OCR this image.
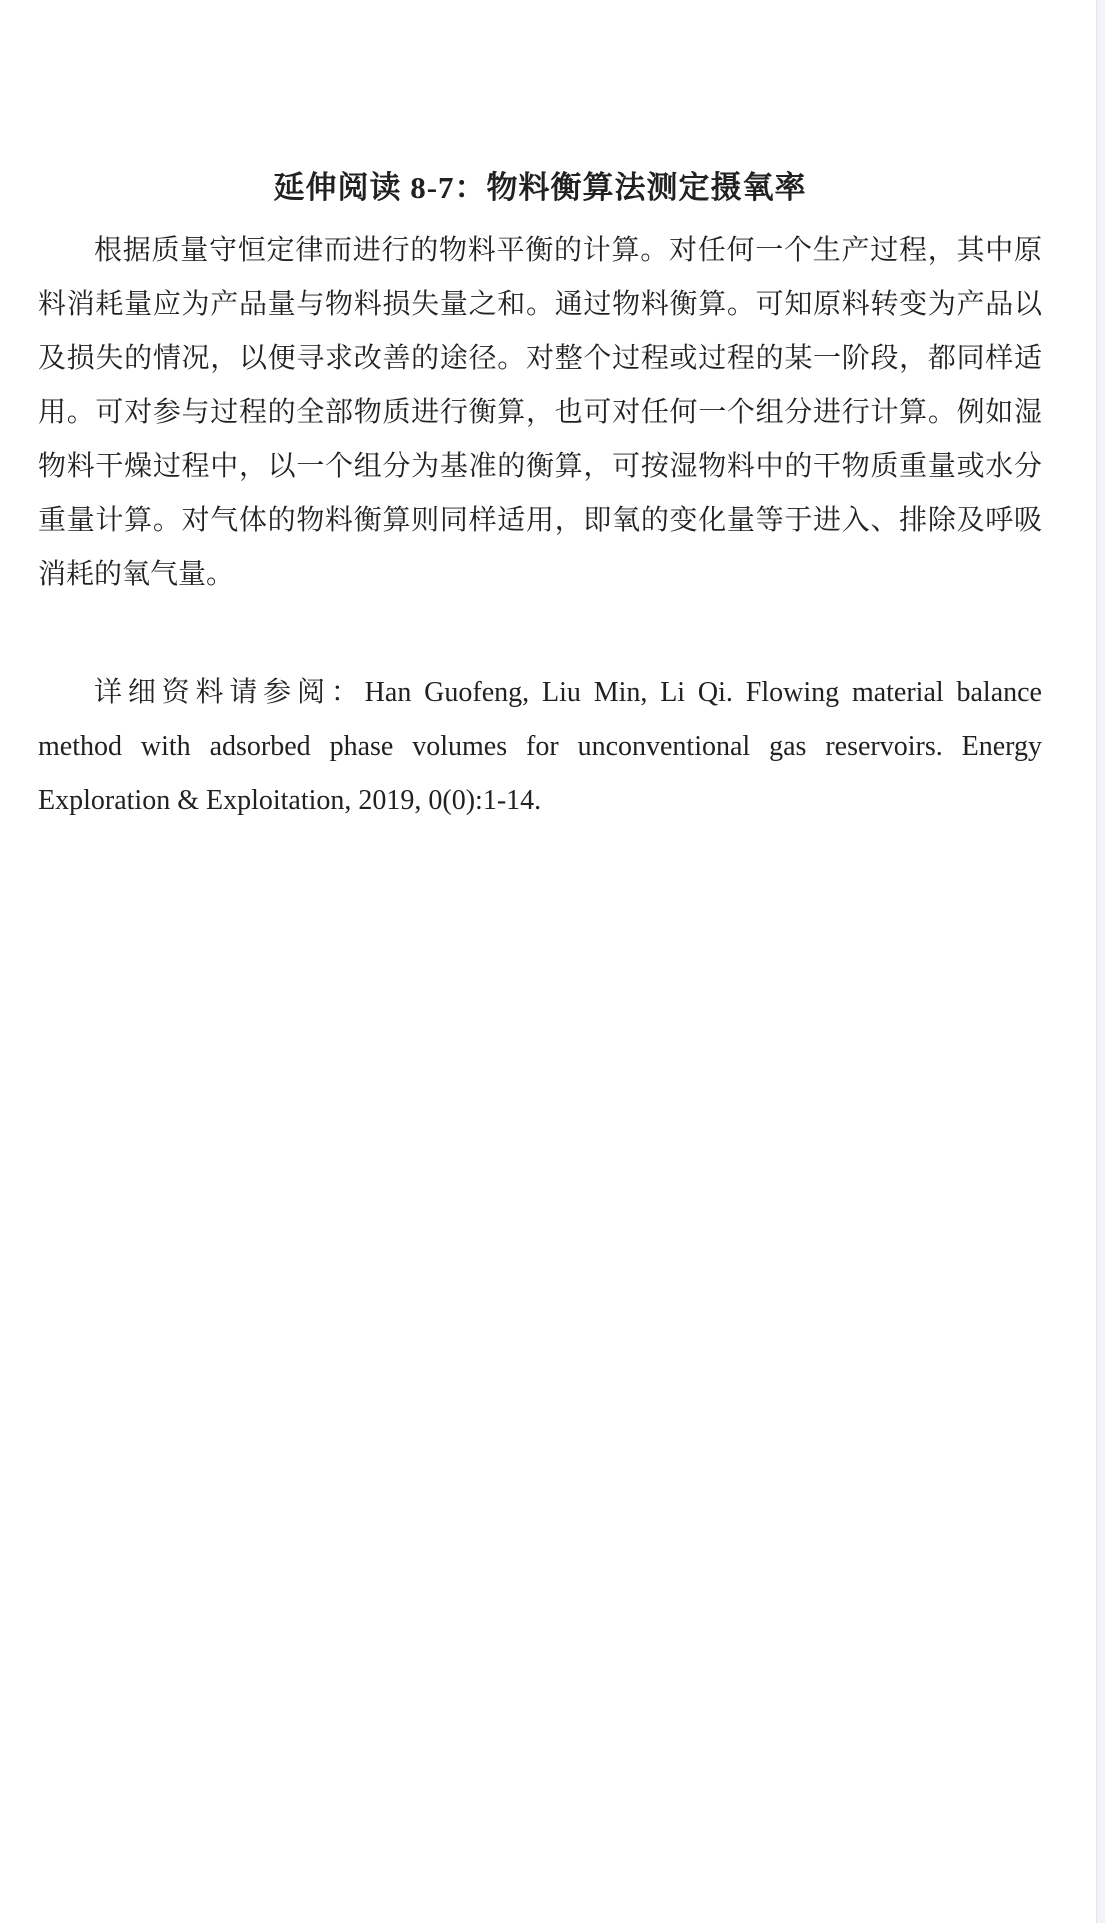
延伸阅读 8-7：物料衡算法测定摄氧率

根据质量守恒定律而进行的物料平衡的计算。对任何一个生产过程，其中原
料消耗量应为产品量与物料损失量之和。通过物料衡算。可知原料转变为产品以
及损失的情况，以便寻求改善的途径。对整个过程或过程的某一阶段，都同样适
用。可对参与过程的全部物质进行衡算，也可对任何一个组分进行计算。例如湿
物料干燥过程中，以一个组分为基准的衡算，可按湿物料中的干物质重量或水分
重量计算。对气体的物料衡算则同样适用，即氧的变化量等于进入、排除及呼吸
消耗的氧气量。

详细资料请参阅：Han Guofeng, Liu Min, Li Qi. Flowing material balance
method with adsorbed phase volumes for unconventional gas reservoirs. Energy
Exploration & Exploitation, 2019, 0(0):1-14.
